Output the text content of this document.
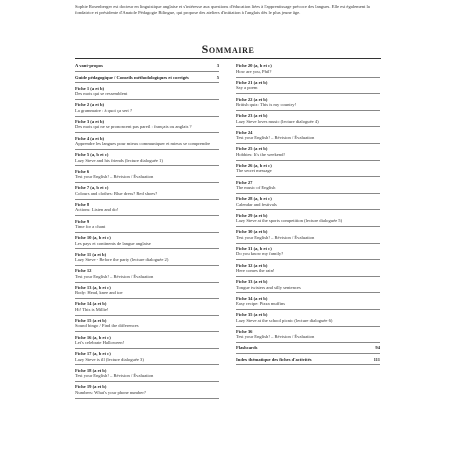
Sophie Rosenberger est docteur en linguistique anglaise et s'intéresse aux questions d'éducation liées à l'apprentissage précoce des langues. Elle est également la fondatrice et présidente d'Anatole Pédagogie Bilingue, qui propose des ateliers d'initiation à l'anglais dès le plus jeune âge.
Sommaire
A vant-propos	3
Guide pédagogique / Conseils méthodologiques et corrigés	5
Fiche 1 (a et b)
Des mots qui se ressemblent
Fiche 2 (a et b)
La grammaire : à quoi ça sert ?
Fiche 3 (a et b)
Des mots qui ne se prononcent pas pareil : français ou anglais ?
Fiche 4 (a et b)
Apprendre les langues pour mieux communiquer et mieux se comprendre
Fiche 5 (a, b et c)
Lazy Steve and his friends (lecture dialoguée 1)
Fiche 6
Test your English! – Révision / Évaluation
Fiche 7 (a, b et c)
Colours and clothes: Blue dress? Red shoes?
Fiche 8
Actions: Listen and do!
Fiche 9
Time for a chant
Fiche 10 (a, b et c)
Les pays et continents de langue anglaise
Fiche 11 (a et b)
Lazy Steve - Before the party (lecture dialoguée 2)
Fiche 12
Test your English! – Révision / Évaluation
Fiche 13 (a, b et c)
Body: Head, knee and toe
Fiche 14 (a et b)
Hi! This is Millie!
Fiche 15 (a et b)
Sound bingo / Find the differences
Fiche 16 (a, b et c)
Let's celebrate Halloween!
Fiche 17 (a, b et c)
Lazy Steve is ill (lecture dialoguée 3)
Fiche 18 (a et b)
Test your English! – Révision / Évaluation
Fiche 19 (a et b)
Numbers: What's your phone number?
Fiche 20 (a, b et c)
How are you, Phil?
Fiche 21 (a et b)
Say a poem
Fiche 22 (a et b)
British quiz: This is my country!
Fiche 23 (a et b)
Lazy Steve loves music (lecture dialoguée 4)
Fiche 24
Test your English! – Révision / Évaluation
Fiche 25 (a et b)
Hobbies: It's the weekend!
Fiche 26 (a, b et c)
The secret message
Fiche 27
The music of English
Fiche 28 (a, b et c)
Calendar and festivals
Fiche 29 (a et b)
Lazy Steve at the sports competition (lecture dialoguée 5)
Fiche 30 (a et b)
Test your English! – Révision / Évaluation
Fiche 31 (a, b et c)
Do you know my family?
Fiche 32 (a et b)
Here comes the rain!
Fiche 33 (a et b)
Tongue twisters and silly sentences
Fiche 34 (a et b)
Easy recipe: Pizza muffins
Fiche 35 (a et b)
Lazy Steve at the school picnic (lecture dialoguée 6)
Fiche 36
Test your English! – Révision / Évaluation
Flashcards	94
Index thématique des fiches d'activités	111
